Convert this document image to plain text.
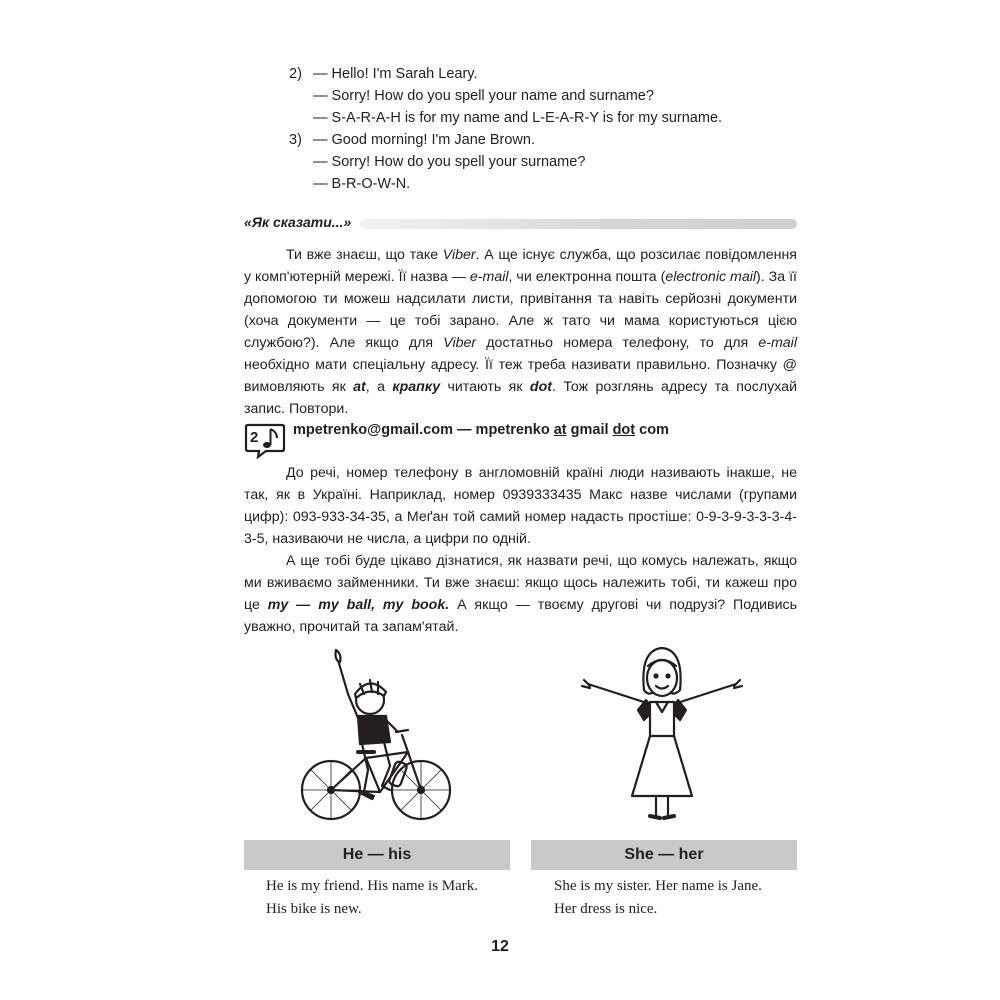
2) — Hello! I'm Sarah Leary.
— Sorry! How do you spell your name and surname?
— S-A-R-A-H is for my name and L-E-A-R-Y is for my surname.
3) — Good morning! I'm Jane Brown.
— Sorry! How do you spell your surname?
— B-R-O-W-N.
«Як сказати...»

Ти вже знаєш, що таке Viber. А ще існує служба, що розсилає повідомлення у комп'ютерній мережі. Її назва — e-mail, чи електронна пошта (electronic mail). За її допомогою ти можеш надсилати листи, привітання та навіть серйозні документи (хоча документи — це тобі зарано. Але ж тато чи мама користуються цією службою?). Але якщо для Viber достатньо номера телефону, то для e-mail необхідно мати спеціальну адресу. Її теж треба називати правильно. Позначку @ вимовляють як at, а крапку читають як dot. Тож розглянь адресу та послухай запис. Повтори.

2 mpetrenko@gmail.com — mpetrenko at gmail dot com

До речі, номер телефону в англомовній країні люди називають інакше, не так, як в Україні. Наприклад, номер 0939333435 Макс назве числами (групами цифр): 093-933-34-35, а Меґан той самий номер надасть простіше: 0-9-3-9-3-3-3-4-3-5, називаючи не числа, а цифри по одній.

А ще тобі буде цікаво дізнатися, як назвати речі, що комусь належать, якщо ми вживаємо займенники. Ти вже знаєш: якщо щось належить тобі, ти кажеш про це my — my ball, my book. А якщо — твоєму другові чи подрузі? Подивись уважно, прочитай та запам'ятай.

He — his	She — her
He is my friend. His name is Mark.
His bike is new.
She is my sister. Her name is Jane.
Her dress is nice.
12
